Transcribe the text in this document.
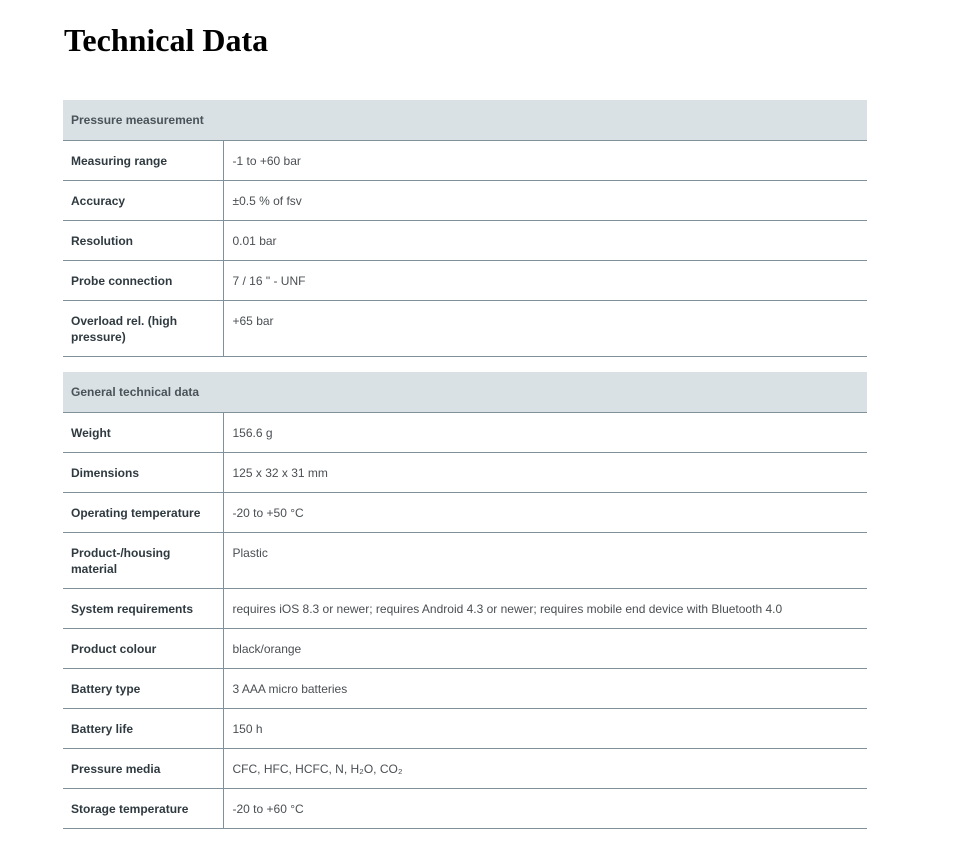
Technical Data
Pressure measurement	
Measuring range	-1 to +60 bar
Accuracy	±0.5 % of fsv
Resolution	0.01 bar
Probe connection	7 / 16 " - UNF
Overload rel. (high pressure)	+65 bar
General technical data	
Weight	156.6 g
Dimensions	125 x 32 x 31 mm
Operating temperature	-20 to +50 °C
Product-/housing material	Plastic
System requirements	requires iOS 8.3 or newer; requires Android 4.3 or newer; requires mobile end device with Bluetooth 4.0
Product colour	black/orange
Battery type	3 AAA micro batteries
Battery life	150 h
Pressure media	CFC, HFC, HCFC, N, H₂O, CO₂
Storage temperature	-20 to +60 °C
